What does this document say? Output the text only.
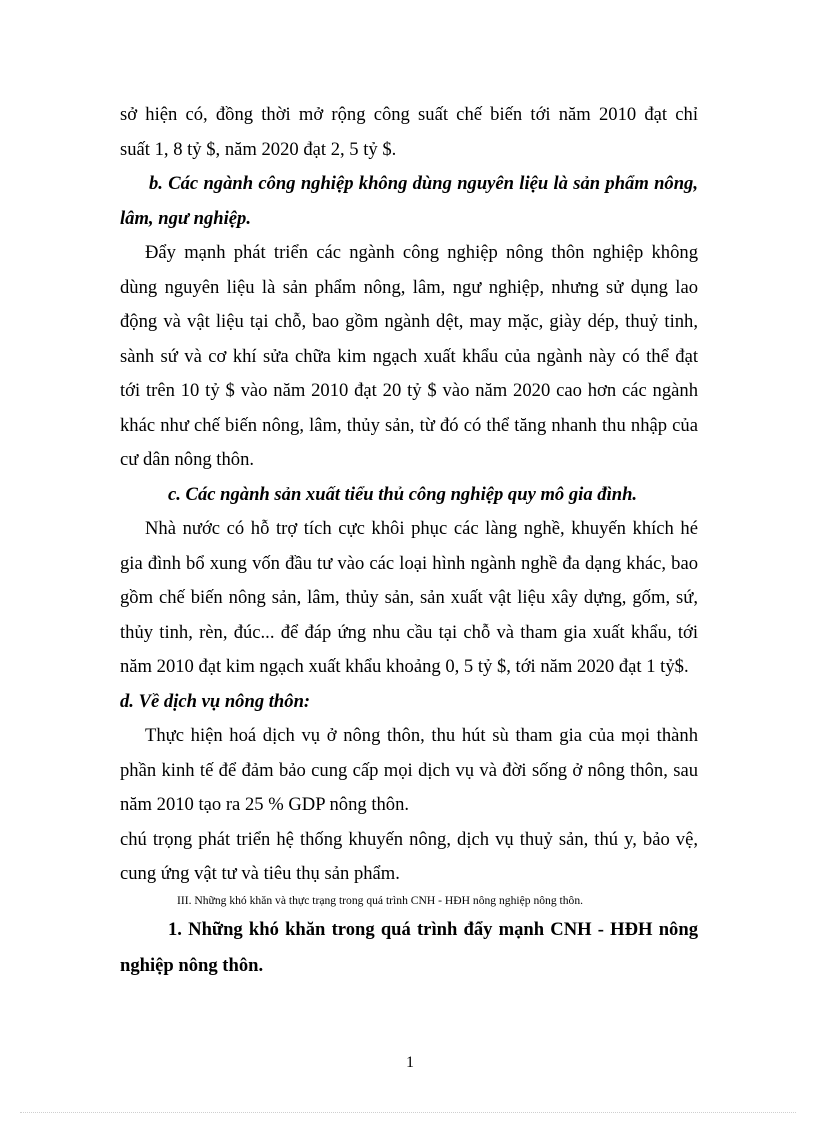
sở hiện có, đồng thời mở rộng công suất chế biến tới năm 2010 đạt chỉ
suất 1, 8 tỷ $, năm 2020 đạt 2, 5 tỷ $.
b. Các ngành công nghiệp không dùng nguyên liệu là sản phẩm nông,
lâm, ngư nghiệp.
Đẩy mạnh phát triển các ngành công nghiệp nông thôn nghiệp không
dùng nguyên liệu là sản phẩm nông, lâm, ngư nghiệp, nhưng sử dụng lao
động và vật liệu tại chỗ, bao gồm ngành dệt, may mặc, giày dép, thuỷ tinh,
sành sứ và cơ khí sửa chữa kim ngạch xuất khẩu của ngành này có thể đạt
tới trên 10 tỷ $ vào năm 2010 đạt 20 tỷ $ vào năm 2020 cao hơn các ngành
khác như chế biến nông, lâm, thủy sản, từ đó có thể tăng nhanh thu nhập của
cư dân nông thôn.
c. Các ngành sản xuất tiểu thủ công nghiệp quy mô gia đình.
Nhà nước có hỗ trợ tích cực khôi phục các làng nghề, khuyến khích hé
gia đình bổ xung vốn đầu tư vào các loại hình ngành nghề đa dạng khác, bao
gồm chế biến nông sản, lâm, thủy sản, sản xuất vật liệu xây dựng, gốm, sứ,
thủy tinh, rèn, đúc... để đáp ứng nhu cầu tại chỗ và tham gia xuất khẩu, tới
năm 2010 đạt kim ngạch xuất khẩu khoảng 0, 5 tỷ $, tới năm 2020 đạt 1 tỷ$.
d. Về dịch vụ nông thôn:
Thực hiện hoá dịch vụ ở nông thôn, thu hút sù tham gia của mọi thành
phần kinh tế để đảm bảo cung cấp mọi dịch vụ và đời sống ở nông thôn, sau
năm 2010 tạo ra 25 % GDP nông thôn.
chú trọng phát triển hệ thống khuyến nông, dịch vụ thuỷ sản, thú y, bảo vệ,
cung ứng vật tư và tiêu thụ sản phẩm.
III. Những khó khăn và thực trạng trong quá trình CNH - HĐH nông nghiệp nông thôn.
1. Những khó khăn trong quá trình đẩy mạnh CNH - HĐH nông
nghiệp nông thôn.
1
